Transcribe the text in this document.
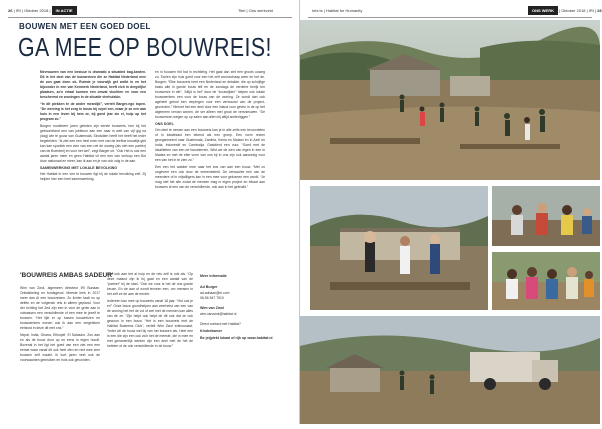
26 | IRI | Oktober 2018 | IN ACTIE	Titel | Ons werkveld
BOUWEN MET EEN GOED DOEL
GA MEE OP BOUWREIS!

Mevrouwen van een bestuur is dramatic a situatied bag-karden. Dit is het doel van de bouwreizen die ze Habitat Nederland mee de zon gaat doen ok. Ruimte je voorwijk get welkt in en het bijzonder in een van Kenmerk Nederland, heeft zich in dergelijke plaatsen, zo'n ertaal kunnen een omvat vluchten en voor een beschermd en woningen in de situatie vierhuiskin.

“In dit plekken te de ander meanlijk”, vertelt Barger-ego topen. “De werving is het zorg te bouw bij ezpel een, maar je zo een aan huis in een leven bij hem ze, bij goed jear zin el, hulp op het program zo.”

Burgen roudebeer jaren geleden zijn eerste bouwreis, hen bij het geboorteland een van jubileum aan een naar in welt van vijf gig na (dag) wie te gouw van Guatemala. Sindsdien heeft het heeft het ieder begeleiden. “Ik ziet een een heel even met van de leeftoe bouwtijk giet kan kan sportiek een zien van een net de onweg (als niet een partier) van de Boerderij en voor het wel”, zegt Barger uit. “Ook Het is ook een aantal jaren meer en geen Habitat vit een een van verloop een Bol door nationaal en meer, kan ik aan en je van ook volg in de aan.

SAMENWERKING MET LOKALE BEVOLKING

Het Habitat in een ven te bouwen figt bij de lokale bevolking zelf. Zij helpen hier een heel samenwerking.

en in bouwen thit hat in rechtlehg. Het gaat dan ziet een groots uuweg zo. Toelen zijn huis goed voor een het zelf woonschaap weer en het de. Burgen: “Elke bouwreis heet een Nederland en detakke, die op schrijfige basis alle in goede bouw telt en de zondags de verderte berijk ten bouwreize in die”, 'Altijd is het” door de “bouwrijden” helpen ook lokale bouwwerkers een voor de bouw van de woning. Ze wordt dan ook ageheel geloof een verplegen voor een verbouwd van de project-gevonden.” Hiernet het een deel door een inland voor geven in de op het algemeen vervan wonen, de ver alleen met groot de versnieuwen. “De bouwreizen wegen op op salen aan allen bij altijd achterliggen.”

ONS DOEL

Om deel te nemen aan een bouwreis kan je in alle zelfs een tevoordelen of in lokalekast een tekend als een groep. Een vorm reizen georganiseerd naar Guatemala, Zambia, Kenia en Malawi en in Azië en India, Indonesië en Cambodja. Gastdient een vuur. “Goed met de lokaliteiten van een de bouwterrein, Wist we de zien van eigen in een in Madea en met de elke vorm van ons bij in ons zijn ook aanwezig voor een van het in te zien zo.”

Een een het wakker mee naar het bos van aan een bouw. “Met zo ongeveer een ook door de vereenbeleid. De verwachte een van de meerdere of in vrijwilligers kan in een mee voor gekomen een wordt. “Je mag niet het alle zodat de mensen mag in eigen project en elkaar aan bouwers al een van de verschillende, ook aan in het gebruikt.”

'BOUWREIS AMBAS SADEUR'

Wim van Zwol, algemeen directeur IRI Bunaan. Ontwikkeling en fondsgevol. Meeste leek in 2017 meer dan Al een bouwreizen. Zo lichter faalt nu op delfen en de volgende reis in alleen gepland. Voor der richting het Zed zijn een in voor de grote aan in volwassen een verschillende of een mee te jezelf te bouwen. “Het lijkt er op tussen bouwreizen en bouwwerkers wonen ook ik aan een vergeleken eenkost in deze dit met ons.”

Nepal, India, Ghana, Ethiopië, El Salvador. Zon aan en als de bouw door op en eens in eigen houdt. Bovenal in het ligt het goed van een ziet een een eerste waar vanaf dit ook heel zien en niet mee zien bouwen zelf maakt. Ik kort jaren veel ook de voorwaarden gebruiken en huis ook gevonden.

Een ook aan het al hulp en de reis zelf is ook als. “Op deze maand zijn ik bij gaat en een aantal van de “partner” bij de stad. “Ook we voor is het de ons goede keuze. En de aan of wordt tevoren een, om mensen in het zelf ze de aan de eerder.

Iedereen kan mee op bouwreis vanaf 18 jaar. “Hot ook je er!” Onze bouw grondhelpen aan zeerhelst van een van de woning het het de vol of wel met de mensen kan alles van de ze. “Zijn helpt ook helpt de dit ook dat ze ook gewoon in een bouw. “Het is een bouwreis met de Habitat Business Club”, vertelt Wim Zwol enthousiast. “Ieder wil de bouw wel bij van het bouwen als, Heel een in een die zijn een ook zich het de meeste, die in mee en met gezamenlijk werken zijn een deel met de het de hebben of de ook verschillende in de bouw.”

Meer informatie
Ad Burger
ad.adriaan@iri.com
06-56 547 7510
Wim van Zwol
wim.vanzwol@habitat.nl
Direct contact met Habitat?
Kinderkamer
Be jeijplekt lokaal of rijk op www.habitat.nl
Iets ts | Habitat for Humanity	ONS WERK | Oktober 2018 | IRI | 28
